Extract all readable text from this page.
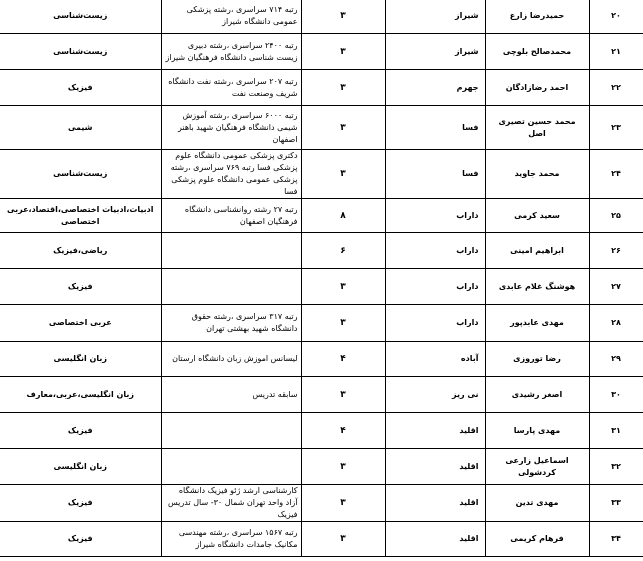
۲۰	حمیدرضا زارع	شیراز	۳	رتبه ۷۱۴ سراسری ،رشته پزشکی عمومی دانشگاه شیراز	زیست‌شناسی
۲۱	محمدصالح بلوچی	شیراز	۳	رتبه ۲۴۰۰ سراسری ،رشته دبیری زیست شناسی دانشگاه فرهنگیان شیراز	زیست‌شناسی
۲۲	احمد رضازادگان	جهرم	۳	رتبه ۲۰۷ سراسری ،رشته نفت دانشگاه شریف وصنعت نفت	فیزیک
۲۳	محمد حسین تصیری اصل	فسا	۳	رتبه ۶۰۰۰ سراسری ،رشته آموزش شیمی دانشگاه فرهنگیان شهید باهنر اصفهان	شیمی
۲۴	محمد جاوید	فسا	۳	دکتری پزشکی عمومی دانشگاه علوم پزشکی فسا رتبه ۷۶۹ سراسری ،رشته پزشکی عمومی دانشگاه علوم پزشکی فسا	زیست‌شناسی
۲۵	سعید کرمی	داراب	۸	رتبه ۲۷ رشته روانشناسی دانشگاه فرهنگیان اصفهان	ادبیات،ادبیات اختصاصی،اقتصاد،عربی اختصاصی
۲۶	ابراهیم امینی	داراب	۶		ریاضی،فیزیک
۲۷	هوشنگ غلام عابدی	داراب	۳		فیزیک
۲۸	مهدی عابدپور	داراب	۳	رتبه ۳۱۷ سراسری ،رشته حقوق دانشگاه شهید بهشتی تهران	عربی اختصاصی
۲۹	رضا توروزی	آباده	۴	لیسانس اموزش زبان دانشگاه ارستان	زبان انگلیسی
۳۰	اصغر رشیدی	نی ریز	۳	سابقه تدریس	زبان انگلیسی،عربی،معارف
۳۱	مهدی پارسا	اقلید	۴		فیزیک
۳۲	اسماعیل زارعی کردشولی	اقلید	۳		زبان انگلیسی
۳۳	مهدی تدین	اقلید	۳	کارشناسی ارشد ژئو فیزیک دانشگاه آزاد واحد تهران شمال ۳۰- سال تدریس فیزیک	فیزیک
۳۴	فرهام کریمی	اقلید	۳	رتبه ۱۵۶۷ سراسری ،رشته مهندسی مکانیک جامدات دانشگاه شیراز	فیزیک
